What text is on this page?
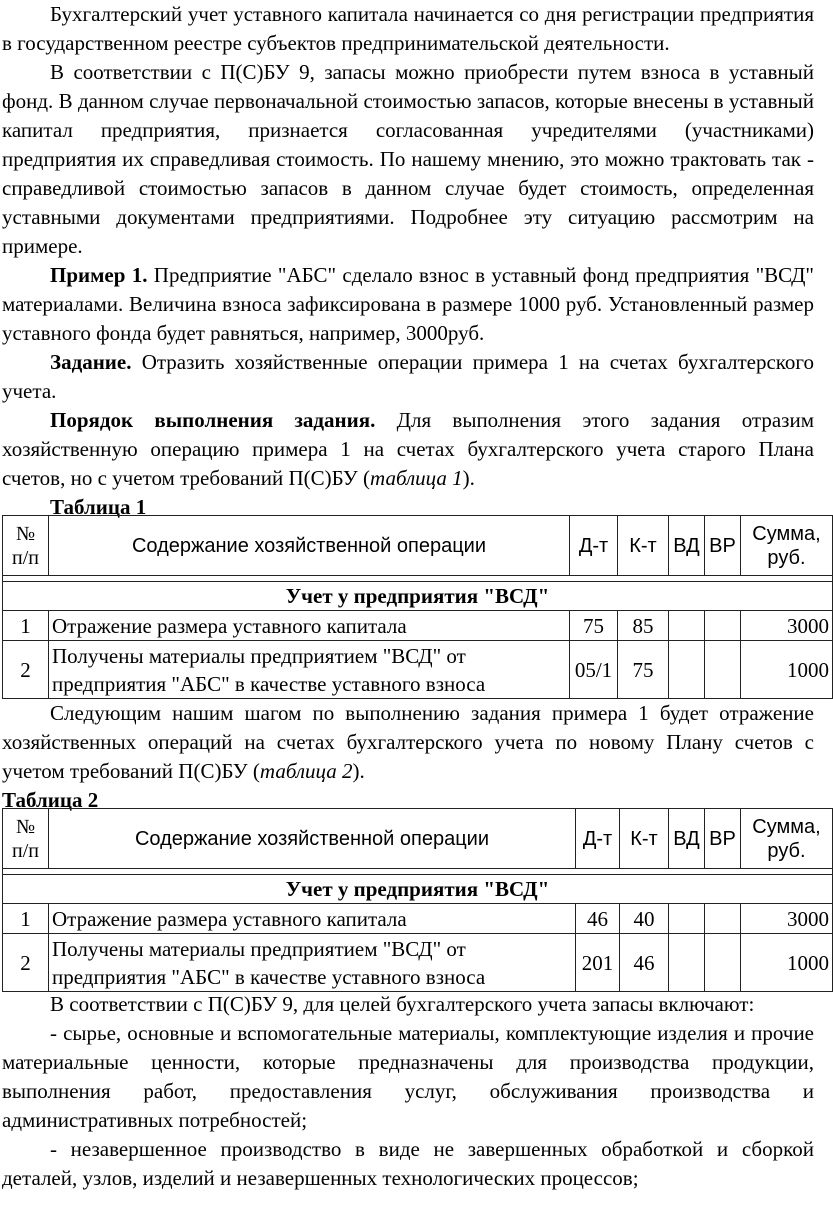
Бухгалтерский учет уставного капитала начинается со дня регистрации предприятия в государственном реестре субъектов предпринимательской деятельности.

В соответствии с П(С)БУ 9, запасы можно приобрести путем взноса в уставный фонд. В данном случае первоначальной стоимостью запасов, которые внесены в уставный капитал предприятия, признается согласованная учредителями (участниками) предприятия их справедливая стоимость. По нашему мнению, это можно трактовать так - справедливой стоимостью запасов в данном случае будет стоимость, определенная уставными документами предприятиями. Подробнее эту ситуацию рассмотрим на примере.

Пример 1. Предприятие "АБС" сделало взнос в уставный фонд предприятия "ВСД" материалами. Величина взноса зафиксирована в размере 1000 руб. Установленный размер уставного фонда будет равняться, например, 3000руб.

Задание. Отразить хозяйственные операции примера 1 на счетах бухгалтерского учета.

Порядок выполнения задания. Для выполнения этого задания отразим хозяйственную операцию примера 1 на счетах бухгалтерского учета старого Плана счетов, но с учетом требований П(С)БУ (таблица 1).

Таблица 1

№ п/п	Содержание хозяйственной операции	Д-т	К-т	ВД	ВР	Сумма, руб.

Учет у предприятия "ВСД"						
1	Отражение размера уставного капитала	75	85			3000
2	Получены материалы предприятием "ВСД" от предприятия "АБС" в качестве уставного взноса	05/1	75			1000

Следующим нашим шагом по выполнению задания примера 1 будет отражение хозяйственных операций на счетах бухгалтерского учета по новому Плану счетов с учетом требований П(С)БУ (таблица 2).

Таблица 2

№ п/п	Содержание хозяйственной операции	Д-т	К-т	ВД	ВР	Сумма, руб.

Учет у предприятия "ВСД"						
1	Отражение размера уставного капитала	46	40			3000
2	Получены материалы предприятием "ВСД" от предприятия "АБС" в качестве уставного взноса	201	46			1000

В соответствии с П(С)БУ 9, для целей бухгалтерского учета запасы включают:

- сырье, основные и вспомогательные материалы, комплектующие изделия и прочие материальные ценности, которые предназначены для производства продукции, выполнения работ, предоставления услуг, обслуживания производства и административных потребностей;

- незавершенное производство в виде не завершенных обработкой и сборкой деталей, узлов, изделий и незавершенных технологических процессов;
